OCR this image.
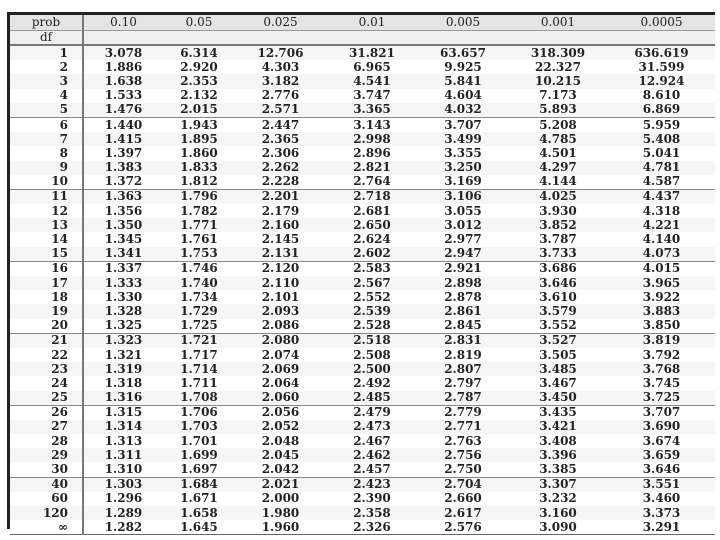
prob	0.10	0.05	0.025	0.01	0.005	0.001	0.0005
df							
1	3.078	6.314	12.706	31.821	63.657	318.309	636.619
2	1.886	2.920	4.303	6.965	9.925	22.327	31.599
3	1.638	2.353	3.182	4.541	5.841	10.215	12.924
4	1.533	2.132	2.776	3.747	4.604	7.173	8.610
5	1.476	2.015	2.571	3.365	4.032	5.893	6.869
6	1.440	1.943	2.447	3.143	3.707	5.208	5.959
7	1.415	1.895	2.365	2.998	3.499	4.785	5.408
8	1.397	1.860	2.306	2.896	3.355	4.501	5.041
9	1.383	1.833	2.262	2.821	3.250	4.297	4.781
10	1.372	1.812	2.228	2.764	3.169	4.144	4.587
11	1.363	1.796	2.201	2.718	3.106	4.025	4.437
12	1.356	1.782	2.179	2.681	3.055	3.930	4.318
13	1.350	1.771	2.160	2.650	3.012	3.852	4.221
14	1.345	1.761	2.145	2.624	2.977	3.787	4.140
15	1.341	1.753	2.131	2.602	2.947	3.733	4.073
16	1.337	1.746	2.120	2.583	2.921	3.686	4.015
17	1.333	1.740	2.110	2.567	2.898	3.646	3.965
18	1.330	1.734	2.101	2.552	2.878	3.610	3.922
19	1.328	1.729	2.093	2.539	2.861	3.579	3.883
20	1.325	1.725	2.086	2.528	2.845	3.552	3.850
21	1.323	1.721	2.080	2.518	2.831	3.527	3.819
22	1.321	1.717	2.074	2.508	2.819	3.505	3.792
23	1.319	1.714	2.069	2.500	2.807	3.485	3.768
24	1.318	1.711	2.064	2.492	2.797	3.467	3.745
25	1.316	1.708	2.060	2.485	2.787	3.450	3.725
26	1.315	1.706	2.056	2.479	2.779	3.435	3.707
27	1.314	1.703	2.052	2.473	2.771	3.421	3.690
28	1.313	1.701	2.048	2.467	2.763	3.408	3.674
29	1.311	1.699	2.045	2.462	2.756	3.396	3.659
30	1.310	1.697	2.042	2.457	2.750	3.385	3.646
40	1.303	1.684	2.021	2.423	2.704	3.307	3.551
60	1.296	1.671	2.000	2.390	2.660	3.232	3.460
120	1.289	1.658	1.980	2.358	2.617	3.160	3.373
∞	1.282	1.645	1.960	2.326	2.576	3.090	3.291
